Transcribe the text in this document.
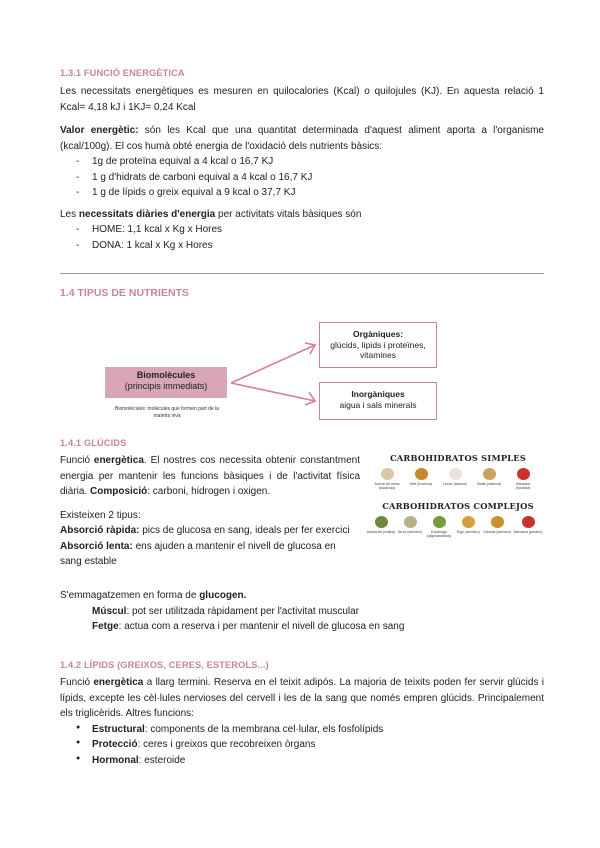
1.3.1 FUNCIÓ ENERGÈTICA

Les necessitats energètiques es mesuren en quilocalories (Kcal) o quilojules (KJ). En aquesta relació 1 Kcal= 4,18 kJ i 1KJ= 0,24 Kcal

Valor energètic: són les Kcal que una quantitat determinada d'aquest aliment aporta a l'organisme (kcal/100g). El cos humà obté energia de l'oxidació dels nutrients bàsics:

- 1g de proteïna equival a 4 kcal o 16,7 KJ
- 1 g d'hidrats de carboni equival a 4 kcal o 16,7 KJ
- 1 g de lípids o greix equival a 9 kcal o 37,7 KJ

Les necessitats diàries d'energia per activitats vitals bàsiques són

- HOME: 1,1 kcal x Kg x Hores
- DONA: 1 kcal x Kg x Hores
1.4 TIPUS DE NUTRIENTS
Biomolècules
(principis immediats)
Biomolècules: molècules que formen part de la matèria viva
Orgàniques:
glúcids, lípids i proteïnes, vitamines
Inorgàniques
aigua i sals minerals
1.4.1 GLÚCIDS

Funció energètica. El nostres cos necessita obtenir constantment energia per mantenir les funcions bàsiques i de l'activitat física diària. Composició: carboni, hidrogen i oxigen.

Existeixen 2 tipus:

Absorció ràpida: pics de glucosa en sang, ideals per fer exercici

Absorció lenta: ens ajuden a mantenir el nivell de glucosa en sang estable

S'emmagatzemen en forma de glucogen.

Múscul: pot ser utilitzada ràpidament per l'activitat muscular

Fetge: actua com a reserva i per mantenir el nivell de glucosa en sang

CARBOHIDRATOS SIMPLES
Azúcar de mesa (sacarosa)
Miel (fructosa)	Leche (lactosa)	Malta (maltosa)	Manzana (fructosa)
CARBOHIDRATOS COMPLEJOS
Alcachofa (inulina) Arroz (almidón)	Espárrago (oligosacáridos)
Trigo (almidón) Cebada (almidón) Manzana (pectina)
1.4.2 LÍPIDS (GREIXOS, CERES, ESTEROLS...)

Funció energètica a llarg termini. Reserva en el teixit adipós. La majoria de teixits poden fer servir glúcids i lípids, excepte les cèl·lules nervioses del cervell i les de la sang que només empren glúcids. Principalement els triglicèrids. Altres funcions:

● Estructural: components de la membrana cel·lular, els fosfolípids
● Protecció: ceres i greixos que recobreixen òrgans
● Hormonal: esteroide
